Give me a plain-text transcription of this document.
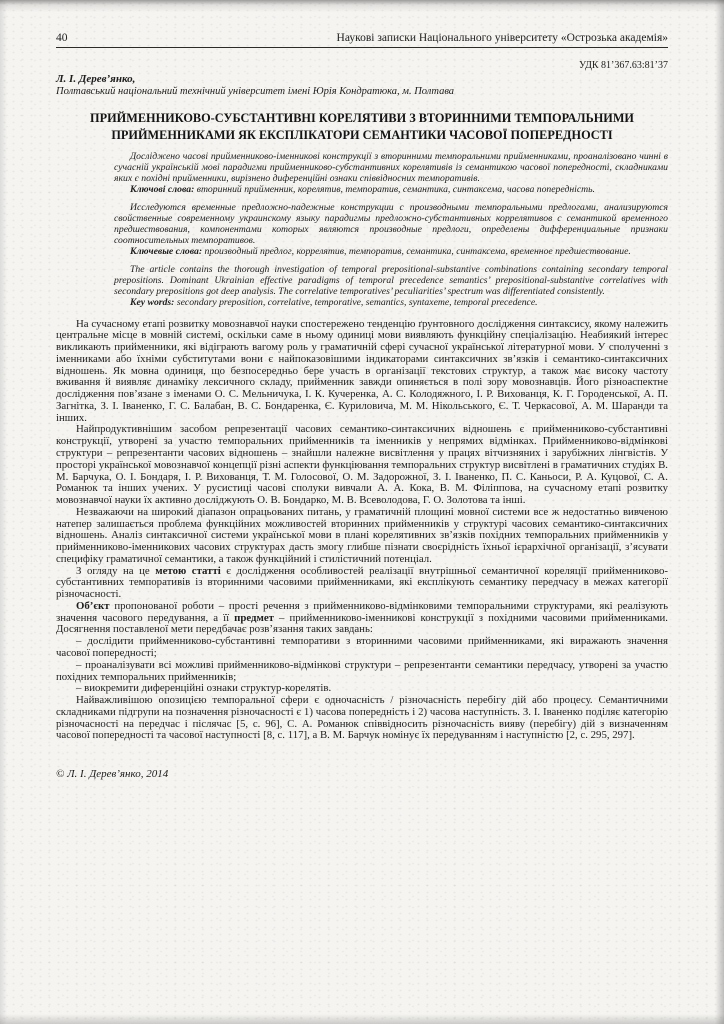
40	Наукові записки Національного університету «Острозька академія»
УДК 81’367.63:81’37
Л. І. Дерев’янко,
Полтавський національний технічний університет імені Юрія Кондратюка, м. Полтава
ПРИЙМЕННИКОВО-СУБСТАНТИВНІ КОРЕЛЯТИВИ З ВТОРИННИМИ ТЕМПОРАЛЬНИМИ ПРИЙМЕННИКАМИ ЯК ЕКСПЛІКАТОРИ СЕМАНТИКИ ЧАСОВОЇ ПОПЕРЕДНОСТІ

Досліджено часові прийменниково-іменникові конструкції з вторинними темпоральними прийменниками, проаналізовано чинні в сучасній українській мові парадигми прийменниково-субстантивних корелятивів із семантикою часової попередності, складниками яких є похідні прийменники, вирізнено диференційні ознаки співвідносних темпоративів.

Ключові слова: вторинний прийменник, корелятив, темпоратив, семантика, синтаксема, часова попередність.

Исследуются временные предложно-падежные конструкции с производными темпоральными предлогами, анализируются свойственные современному украинскому языку парадигмы предложно-субстантивных коррелятивов с семантикой временного предшествования, компонентами которых являются производные предлоги, определены дифференциальные признаки соотносительных темпоративов.

Ключевые слова: производный предлог, коррелятив, темпоратив, семантика, синтаксема, временное предшествование.

The article contains the thorough investigation of temporal prepositional-substantive combinations containing secondary temporal prepositions. Dominant Ukrainian effective paradigms of temporal precedence semantics’ prepositional-substantive correlatives with secondary prepositions got deep analysis. The correlative temporatives’ peculiarities’ spectrum was differentiated consistently.

Key words: secondary preposition, correlative, temporative, semantics, syntaxeme, temporal precedence.

На сучасному етапі розвитку мовознавчої науки спостережено тенденцію ґрунтовного дослідження синтаксису, якому належить центральне місце в мовній системі, оскільки саме в ньому одиниці мови виявляють функційну спеціалізацію. Неабиякий інтерес викликають прийменники, які відіграють вагому роль у граматичній сфері сучасної української літературної мови. У сполученні з іменниками або їхніми субститутами вони є найпоказовішими індикаторами синтаксичних зв’язків і семантико-синтаксичних відношень. Як мовна одиниця, що безпосередньо бере участь в організації текстових структур, а також має високу частоту вживання й виявляє динаміку лексичного складу, прийменник завжди опиняється в полі зору мовознавців. Його різноаспектне дослідження пов’язане з іменами О. С. Мельничука, І. К. Кучеренка, А. С. Колодяжного, І. Р. Вихованця, К. Г. Городенської, А. П. Загнітка, З. І. Іваненко, Г. С. Балабан, В. С. Бондаренка, Є. Куриловича, М. М. Нікольського, Є. Т. Черкасової, А. М. Шаранди та інших.

Найпродуктивнішим засобом репрезентації часових семантико-синтаксичних відношень є прийменниково-субстантивні конструкції, утворені за участю темпоральних прийменників та іменників у непрямих відмінках. Прийменниково-відмінкові структури – репрезентанти часових відношень – знайшли належне висвітлення у працях вітчизняних і зарубіжних лінгвістів. У просторі української мовознавчої концепції різні аспекти функціювання темпоральних структур висвітлені в граматичних студіях В. М. Барчука, О. І. Бондаря, І. Р. Вихованця, Т. М. Голосової, О. М. Задорожної, З. І. Іваненко, П. С. Каньоси, Р. А. Куцової, С. А. Романюк та інших учених. У русистиці часові сполуки вивчали А. А. Кока, В. М. Філіппова, на сучасному етапі розвитку мовознавчої науки їх активно досліджують О. В. Бондарко, М. В. Всеволодова, Г. О. Золотова та інші.

Незважаючи на широкий діапазон опрацьованих питань, у граматичній площині мовної системи все ж недостатньо вивченою натепер залишається проблема функційних можливостей вторинних прийменників у структурі часових семантико-синтаксичних відношень. Аналіз синтаксичної системи української мови в плані корелятивних зв’язків похідних темпоральних прийменників у прийменниково-іменникових часових структурах дасть змогу глибше пізнати своєрідність їхньої ієрархічної організації, з’ясувати специфіку граматичної семантики, а також функційний і стилістичний потенціал.

З огляду на це метою статті є дослідження особливостей реалізації внутрішньої семантичної кореляції прийменниково-субстантивних темпоративів із вторинними часовими прийменниками, які експлікують семантику передчасу в межах категорії різночасності.

Об’єкт пропонованої роботи – прості речення з прийменниково-відмінковими темпоральними структурами, які реалізують значення часового передування, а її предмет – прийменниково-іменникові конструкції з похідними часовими прийменниками. Досягнення поставленої мети передбачає розв’язання таких завдань:

– дослідити прийменниково-субстантивні темпоративи з вторинними часовими прийменниками, які виражають значення часової попередності;

– проаналізувати всі можливі прийменниково-відмінкові структури – репрезентанти семантики передчасу, утворені за участю похідних темпоральних прийменників;

– виокремити диференційні ознаки структур-корелятів.

Найважливішою опозицією темпоральної сфери є одночасність / різночасність перебігу дій або процесу. Семантичними складниками підгрупи на позначення різночасності є 1) часова попередність і 2) часова наступність. З. І. Іваненко поділяє категорію різночасності на передчас і післячас [5, с. 96], С. А. Романюк співвідносить різночасність вияву (перебігу) дій з визначенням часової попередності та часової наступності [8, с. 117], а В. М. Барчук номінує їх передуванням і наступністю [2, с. 295, 297].

© Л. І. Дерев’янко, 2014
